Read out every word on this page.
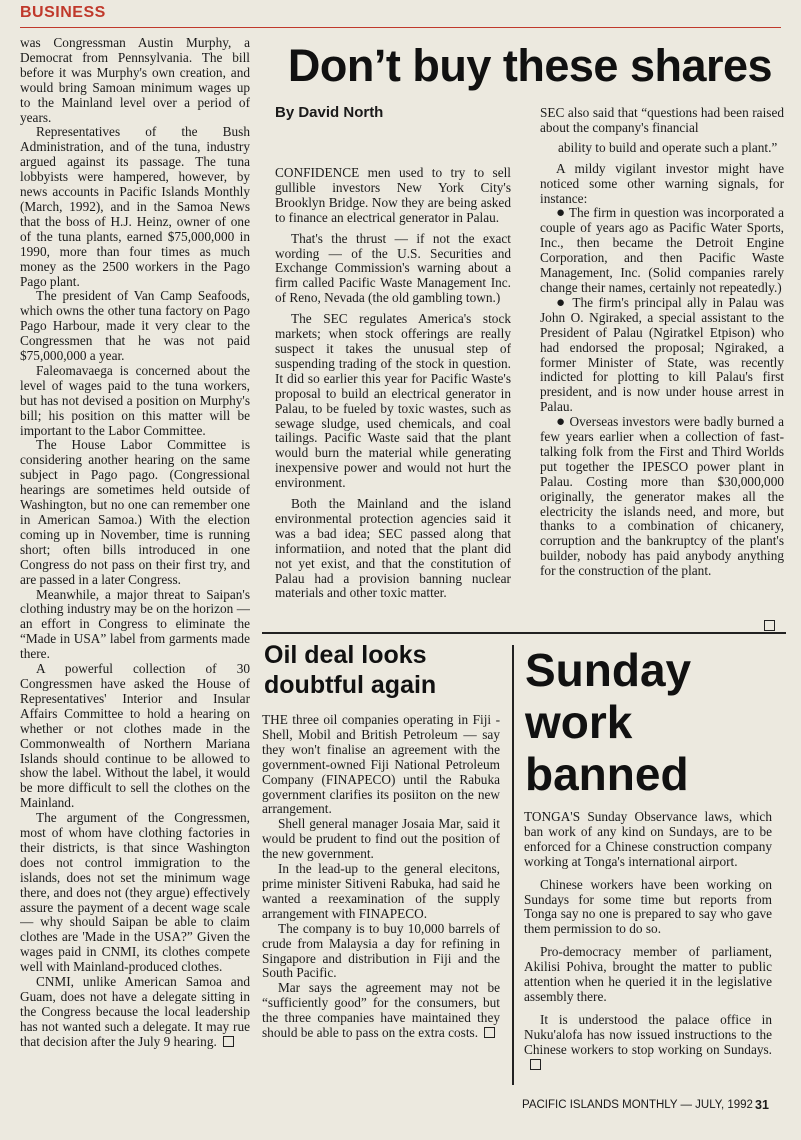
BUSINESS

was Congressman Austin Murphy, a Democrat from Pennsylvania. The bill before it was Murphy's own creation, and would bring Samoan minimum wages up to the Mainland level over a period of years.

Representatives of the Bush Administration, and of the tuna, industry argued against its passage. The tuna lobbyists were hampered, however, by news accounts in Pacific Islands Monthly (March, 1992), and in the Samoa News that the boss of H.J. Heinz, owner of one of the tuna plants, earned $75,000,000 in 1990, more than four times as much money as the 2500 workers in the Pago Pago plant.

The president of Van Camp Seafoods, which owns the other tuna factory on Pago Pago Harbour, made it very clear to the Congressmen that he was not paid $75,000,000 a year.

Faleomavaega is concerned about the level of wages paid to the tuna workers, but has not devised a position on Murphy's bill; his position on this matter will be important to the Labor Committee.

The House Labor Committee is considering another hearing on the same subject in Pago pago. (Congressional hearings are sometimes held outside of Washington, but no one can remember one in American Samoa.) With the election coming up in November, time is running short; often bills introduced in one Congress do not pass on their first try, and are passed in a later Congress.

Meanwhile, a major threat to Saipan's clothing industry may be on the horizon — an effort in Congress to eliminate the “Made in USA” label from garments made there.

A powerful collection of 30 Congressmen have asked the House of Representatives' Interior and Insular Affairs Committee to hold a hearing on whether or not clothes made in the Commonwealth of Northern Mariana Islands should continue to be allowed to show the label. Without the label, it would be more difficult to sell the clothes on the Mainland.

The argument of the Congressmen, most of whom have clothing factories in their districts, is that since Washington does not control immigration to the islands, does not set the minimum wage there, and does not (they argue) effectively assure the payment of a decent wage scale — why should Saipan be able to claim clothes are 'Made in the USA?” Given the wages paid in CNMI, its clothes compete well with Mainland-produced clothes.

CNMI, unlike American Samoa and Guam, does not have a delegate sitting in the Congress because the local leadership has not wanted such a delegate. It may rue that decision after the July 9 hearing.

Don’t buy these shares
By David North

CONFIDENCE men used to try to sell gullible investors New York City's Brooklyn Bridge. Now they are being asked to finance an electrical generator in Palau.

That's the thrust — if not the exact wording — of the U.S. Securities and Exchange Commission's warning about a firm called Pacific Waste Management Inc. of Reno, Nevada (the old gambling town.)

The SEC regulates America's stock markets; when stock offerings are really suspect it takes the unusual step of suspending trading of the stock in question. It did so earlier this year for Pacific Waste's proposal to build an electrical generator in Palau, to be fueled by toxic wastes, such as sewage sludge, used chemicals, and coal tailings. Pacific Waste said that the plant would burn the material while generating inexpensive power and would not hurt the environment.

Both the Mainland and the island environmental protection agencies said it was a bad idea; SEC passed along that informatiion, and noted that the plant did not yet exist, and that the constitution of Palau had a provision banning nuclear materials and other toxic matter.

SEC also said that “questions had been raised about the company's financial

ability to build and operate such a plant.”

A mildy vigilant investor might have noticed some other warning signals, for instance:

● The firm in question was incorporated a couple of years ago as Pacific Water Sports, Inc., then became the Detroit Engine Corporation, and then Pacific Waste Management, Inc. (Solid companies rarely change their names, certainly not repeatedly.)

● The firm's principal ally in Palau was John O. Ngiraked, a special assistant to the President of Palau (Ngiratkel Etpison) who had endorsed the proposal; Ngiraked, a former Minister of State, was recently indicted for plotting to kill Palau's first president, and is now under house arrest in Palau.

● Overseas investors were badly burned a few years earlier when a collection of fast-talking folk from the First and Third Worlds put together the IPESCO power plant in Palau. Costing more than $30,000,000 originally, the generator makes all the electricity the islands need, and more, but thanks to a combination of chicanery, corruption and the bankruptcy of the plant's builder, nobody has paid anybody anything for the construction of the plant.

Oil deal looks doubtful again

THE three oil companies operating in Fiji - Shell, Mobil and British Petroleum — say they won't finalise an agreement with the government-owned Fiji National Petroleum Company (FINAPECO) until the Rabuka government clarifies its posiiton on the new arrangement.

Shell general manager Josaia Mar, said it would be prudent to find out the position of the new government.

In the lead-up to the general elecitons, prime minister Sitiveni Rabuka, had said he wanted a reexamination of the supply arrangement with FINAPECO.

The company is to buy 10,000 barrels of crude from Malaysia a day for refining in Singapore and distribution in Fiji and the South Pacific.

Mar says the agreement may not be “sufficiently good” for the consumers, but the three companies have maintained they should be able to pass on the extra costs.

Sunday
work
banned

TONGA'S Sunday Observance laws, which ban work of any kind on Sundays, are to be enforced for a Chinese construction company working at Tonga's international airport.

Chinese workers have been working on Sundays for some time but reports from Tonga say no one is prepared to say who gave them permission to do so.

Pro-democracy member of parliament, Akilisi Pohiva, brought the matter to public attention when he queried it in the legislative assembly there.

It is understood the palace office in Nuku'alofa has now issued instructions to the Chinese workers to stop working on Sundays.

PACIFIC ISLANDS MONTHLY — JULY, 1992 31
